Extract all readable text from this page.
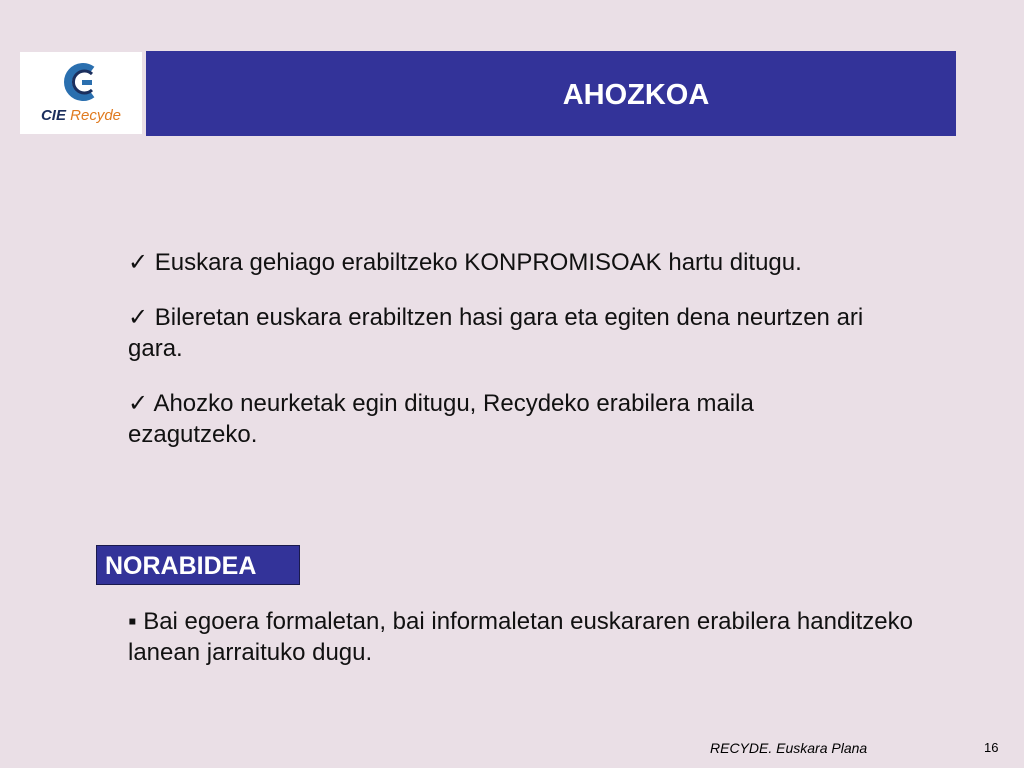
CIE Recyde
AHOZKOA

✓ Euskara gehiago erabiltzeko KONPROMISOAK hartu ditugu.

✓ Bileretan euskara erabiltzen hasi gara eta egiten dena neurtzen ari gara.

✓ Ahozko neurketak egin ditugu, Recydeko erabilera maila ezagutzeko.

NORABIDEA
▪ Bai egoera formaletan, bai informaletan euskararen erabilera handitzeko lanean jarraituko dugu.
RECYDE. Euskara Plana	16
